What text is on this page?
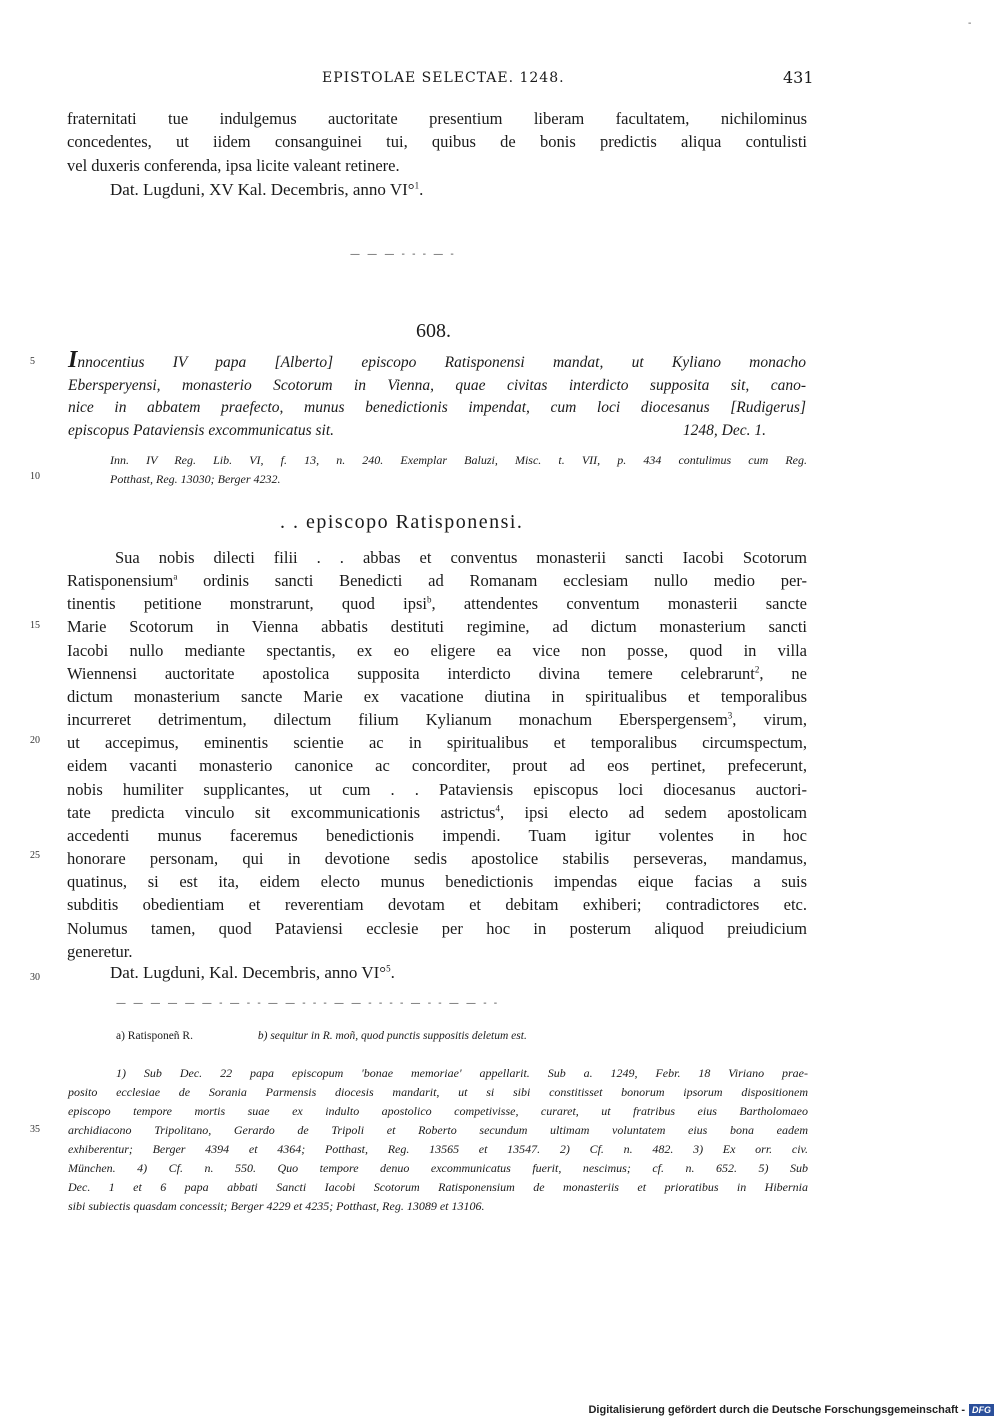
-
EPISTOLAE SELECTAE. 1248.	431
fraternitati tue indulgemus auctoritate presentium liberam facultatem, nichilominus
concedentes, ut iidem consanguinei tui, quibus de bonis predictis aliqua contulisti
vel duxeris conferenda, ipsa licite valeant retinere.
Dat. Lugduni, XV Kal. Decembris, anno VI°$^1$.
— — — - - - — -
608.
5 Innocentius IV papa [Alberto] episcopo Ratisponensi mandat, ut Kyliano monacho
Ebersperyensi, monasterio Scotorum in Vienna, quae civitas interdicto supposita sit, cano-
nice in abbatem praefecto, munus benedictionis impendat, cum loci diocesanus [Rudigerus]
episcopus Pataviensis excommunicatus sit.	1248, Dec. 1.
10
Inn. IV Reg. Lib. VI, f. 13, n. 240. Exemplar Baluzi, Misc. t. VII, p. 434 contulimus cum Reg.
Potthast, Reg. 13030; Berger 4232.
. . episcopo Ratisponensi.
15
20
25
30
Sua nobis dilecti filii . . abbas et conventus monasterii sancti Iacobi Scotorum
Ratisponensium$^a$ ordinis sancti Benedicti ad Romanam ecclesiam nullo medio per-
tinentis petitione monstrarunt, quod ipsi$^b$, attendentes conventum monasterii sancte
Marie Scotorum in Vienna abbatis destituti regimine, ad dictum monasterium sancti
Iacobi nullo mediante spectantis, ex eo eligere ea vice non posse, quod in villa
Wiennensi auctoritate apostolica supposita interdicto divina temere celebrarunt$^2$, ne
dictum monasterium sancte Marie ex vacatione diutina in spiritualibus et temporalibus
incurreret detrimentum, dilectum filium Kylianum monachum Eberspergensem$^3$, virum,
ut accepimus, eminentis scientie ac in spiritualibus et temporalibus circumspectum,
eidem vacanti monasterio canonice ac concorditer, prout ad eos pertinet, prefecerunt,
nobis humiliter supplicantes, ut cum . . Pataviensis episcopus loci diocesanus auctori-
tate predicta vinculo sit excommunicationis astrictus$^4$, ipsi electo ad sedem apostolicam
accedenti munus faceremus benedictionis impendi. Tuam igitur volentes in hoc
honorare personam, qui in devotione sedis apostolice stabilis perseveras, mandamus,
quatinus, si est ita, eidem electo munus benedictionis impendas eique facias a suis
subditis obedientiam et reverentiam devotam et debitam exhiberi; contradictores etc.
Nolumus tamen, quod Pataviensi ecclesie per hoc in posterum aliquod preiudicium
generetur.
Dat. Lugduni, Kal. Decembris, anno VI°$^5$.
— — — — — — - — - - — — - - - — — - - - - — - - — — - -
a) Ratisponeñ R.	b) sequitur in R. moñ, quod punctis suppositis deletum est.
35
1) Sub Dec. 22 papa episcopum 'bonae memoriae' appellarit. Sub a. 1249, Febr. 18 Viriano prae-
posito ecclesiae de Sorania Parmensis diocesis mandarit, ut si sibi constitisset bonorum ipsorum dispositionem
episcopo tempore mortis suae ex indulto apostolico competivisse, curaret, ut fratribus eius Bartholomaeo
archidiacono Tripolitano, Gerardo de Tripoli et Roberto secundum ultimam voluntatem eius bona eadem
exhiberentur; Berger 4394 et 4364; Potthast, Reg. 13565 et 13547. 2) Cf. n. 482. 3) Ex orr. civ.
München. 4) Cf. n. 550. Quo tempore denuo excommunicatus fuerit, nescimus; cf. n. 652. 5) Sub
Dec. 1 et 6 papa abbati Sancti Iacobi Scotorum Ratisponensium de monasteriis et prioratibus in Hibernia
sibi subiectis quasdam concessit; Berger 4229 et 4235; Potthast, Reg. 13089 et 13106.
Digitalisierung gefördert durch die Deutsche Forschungsgemeinschaft - DFG
